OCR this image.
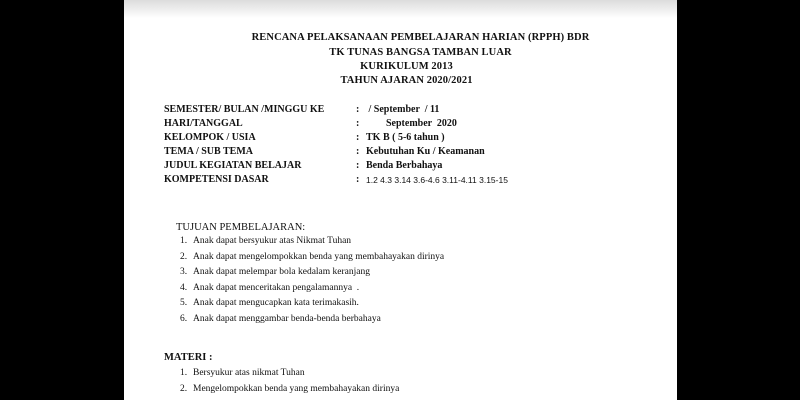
RENCANA PELAKSANAAN PEMBELAJARAN HARIAN (RPPH) BDR
TK TUNAS BANGSA TAMBAN LUAR
KURIKULUM 2013
TAHUN AJARAN 2020/2021
SEMESTER/ BULAN /MINGGU KE	: / September  / 11
HARI/TANGGAL	: September  2020
KELOMPOK / USIA	: TK B ( 5-6 tahun )
TEMA / SUB TEMA	: Kebutuhan Ku / Keamanan
JUDUL KEGIATAN BELAJAR	: Benda Berbahaya
KOMPETENSI DASAR	: 1.2 4.3 3.14 3.6-4.6 3.11-4.11 3.15-15
TUJUAN PEMBELAJARAN:
1. Anak dapat bersyukur atas Nikmat Tuhan
2. Anak dapat mengelompokkan benda yang membahayakan dirinya
3. Anak dapat melempar bola kedalam keranjang
4. Anak dapat menceritakan pengalamannya  .
5. Anak dapat mengucapkan kata terimakasih.
6. Anak dapat menggambar benda-benda berbahaya
MATERI :
1. Bersyukur atas nikmat Tuhan
2. Mengelompokkan benda yang membahayakan dirinya
